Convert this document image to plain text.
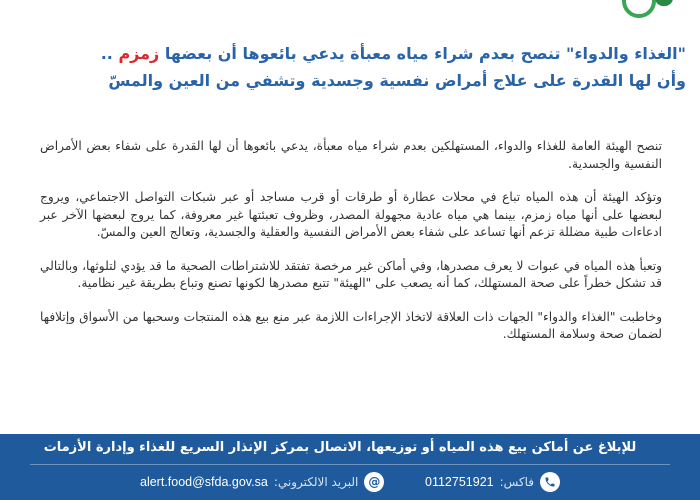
"الغذاء والدواء" تنصح بعدم شراء مياه معبأة يدعي بائعوها أن بعضها زمزم ..
وأن لها القدرة على علاج أمراض نفسية وجسدية وتشفي من العين والمسّ

تنصح الهيئة العامة للغذاء والدواء، المستهلكين بعدم شراء مياه معبأة، يدعي بائعوها أن لها القدرة على شفاء بعض الأمراض النفسية والجسدية.

وتؤكد الهيئة أن هذه المياه تباع في محلات عطارة أو طرقات أو قرب مساجد أو عبر شبكات التواصل الاجتماعي، ويروج لبعضها على أنها مياه زمزم، بينما هي مياه عادية مجهولة المصدر، وظروف تعبئتها غير معروفة، كما يروج لبعضها الآخر عبر ادعاءات طبية مضللة تزعم أنها تساعد على شفاء بعض الأمراض النفسية والعقلية والجسدية، وتعالج العين والمسّ.

وتعبأ هذه المياه في عبوات لا يعرف مصدرها، وفي أماكن غير مرخصة تفتقد للاشتراطات الصحية ما قد يؤدي لتلوثها، وبالتالي قد تشكل خطراً على صحة المستهلك، كما أنه يصعب على "الهيئة" تتبع مصدرها لكونها تصنع وتباع بطريقة غير نظامية.

وخاطبت "الغذاء والدواء" الجهات ذات العلاقة لاتخاذ الإجراءات اللازمة عبر منع بيع هذه المنتجات وسحبها من الأسواق وإتلافها لضمان صحة وسلامة المستهلك.

للإبلاغ عن أماكن بيع هذه المياه أو توزيعها، الاتصال بمركز الإنذار السريع للغذاء وإدارة الأزمات
فاكس:
0112751921
@
البريد الالكتروني:
alert.food@sfda.gov.sa
